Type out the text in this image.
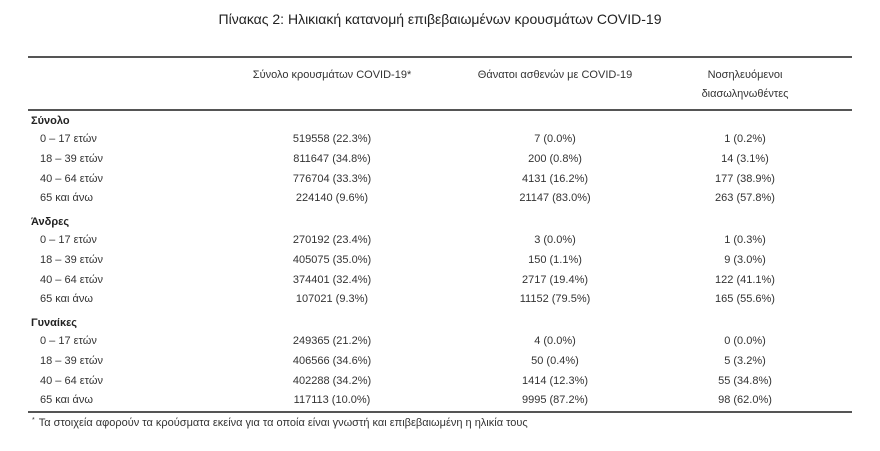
Πίνακας 2: Ηλικιακή κατανομή επιβεβαιωμένων κρουσμάτων COVID-19
Σύνολο κρουσμάτων COVID-19*	Θάνατοι ασθενών με COVID-19	Νοσηλευόμενοι
διασωληνωθέντες
Σύνολο
0 – 17 ετών	519558 (22.3%)	7 (0.0%)	1 (0.2%)
18 – 39 ετών	811647 (34.8%)	200 (0.8%)	14 (3.1%)
40 – 64 ετών	776704 (33.3%)	4131 (16.2%)	177 (38.9%)
65 και άνω	224140 (9.6%)	21147 (83.0%)	263 (57.8%)
Άνδρες
0 – 17 ετών	270192 (23.4%)	3 (0.0%)	1 (0.3%)
18 – 39 ετών	405075 (35.0%)	150 (1.1%)	9 (3.0%)
40 – 64 ετών	374401 (32.4%)	2717 (19.4%)	122 (41.1%)
65 και άνω	107021 (9.3%)	11152 (79.5%)	165 (55.6%)
Γυναίκες
0 – 17 ετών	249365 (21.2%)	4 (0.0%)	0 (0.0%)
18 – 39 ετών	406566 (34.6%)	50 (0.4%)	5 (3.2%)
40 – 64 ετών	402288 (34.2%)	1414 (12.3%)	55 (34.8%)
65 και άνω	117113 (10.0%)	9995 (87.2%)	98 (62.0%)
* Τα στοιχεία αφορούν τα κρούσματα εκείνα για τα οποία είναι γνωστή και επιβεβαιωμένη η ηλικία τους
